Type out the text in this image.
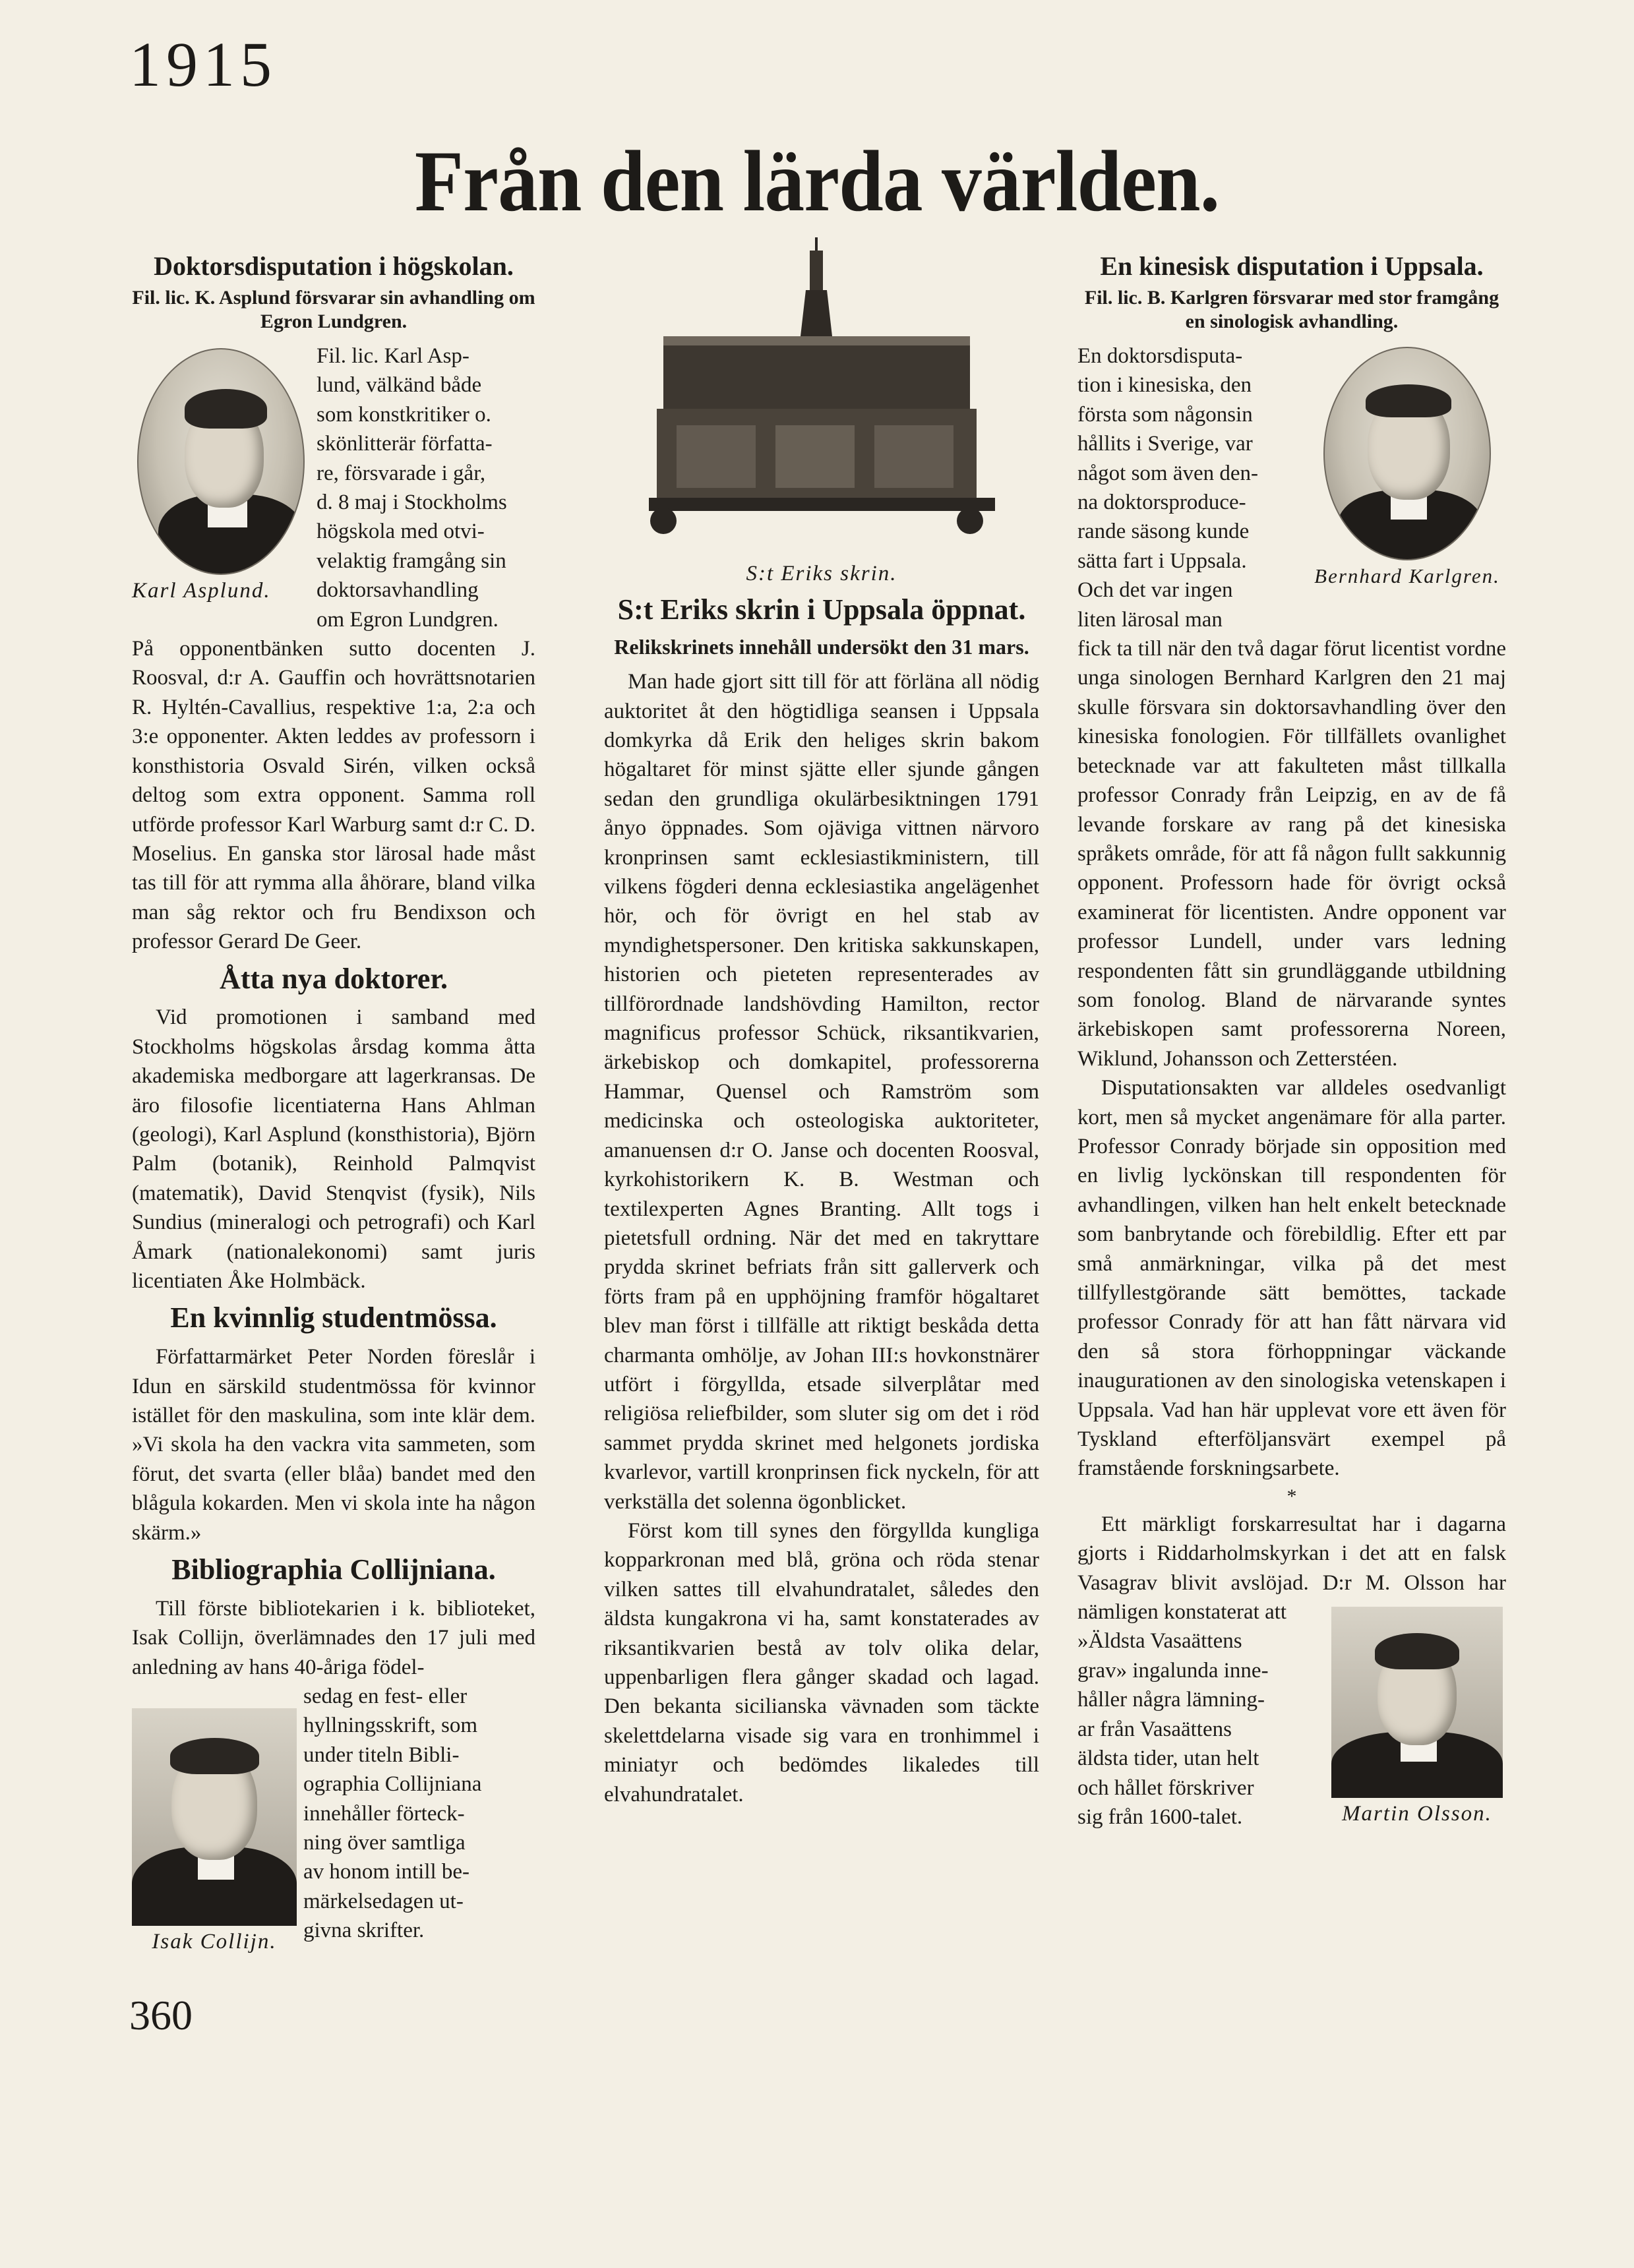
1915
Från den lärda världen.
Doktorsdisputation i högskolan.
Fil. lic. K. Asplund försvarar sin avhandling om Egron Lundgren.
Karl Asplund.

Fil. lic. Karl Asp-

lund, välkänd både

som konstkritiker o.

skönlitterär författa-

re, försvarade i går,

d. 8 maj i Stockholms

högskola med otvi-

velaktig framgång sin

doktorsavhandling

om Egron Lundgren.

På opponentbänken sutto docenten J. Roosval, d:r A. Gauffin och hovrättsnotarien R. Hyltén-Cavallius, respektive 1:a, 2:a och 3:e opponenter. Akten leddes av professorn i konsthistoria Osvald Sirén, vilken också deltog som extra opponent. Samma roll utförde professor Karl Warburg samt d:r C. D. Moselius. En ganska stor lärosal hade måst tas till för att rymma alla åhörare, bland vilka man såg rektor och fru Bendixson och professor Gerard De Geer.

Åtta nya doktorer.

Vid promotionen i samband med Stockholms högskolas årsdag komma åtta akademiska medborgare att lagerkransas. De äro filosofie licentiaterna Hans Ahlman (geologi), Karl Asplund (konsthistoria), Björn Palm (botanik), Reinhold Palmqvist (matematik), David Stenqvist (fysik), Nils Sundius (mineralogi och petrografi) och Karl Åmark (nationalekonomi) samt juris licentiaten Åke Holmbäck.

En kvinnlig studentmössa.

Författarmärket Peter Norden föreslår i Idun en särskild studentmössa för kvinnor istället för den maskulina, som inte klär dem. »Vi skola ha den vackra vita sammeten, som förut, det svarta (eller blåa) bandet med den blågula kokarden. Men vi skola inte ha någon skärm.»

Bibliographia Collijniana.

Till förste bibliotekarien i k. biblioteket, Isak Collijn, överlämnades den 17 juli med anledning av hans 40-åriga födel-

Isak Collijn.

sedag en fest- eller

hyllningsskrift, som

under titeln Bibli-

ographia Collijniana

innehåller förteck-

ning över samtliga

av honom intill be-

märkelsedagen ut-

givna skrifter.

S:t Eriks skrin.
S:t Eriks skrin i Uppsala öppnat.
Relikskrinets innehåll undersökt den 31 mars.

Man hade gjort sitt till för att förläna all nödig auktoritet åt den högtidliga seansen i Uppsala domkyrka då Erik den heliges skrin bakom högaltaret för minst sjätte eller sjunde gången sedan den grundliga okulärbesiktningen 1791 ånyo öppnades. Som ojäviga vittnen närvoro kronprinsen samt ecklesiastikministern, till vilkens fögderi denna ecklesiastika angelägenhet hör, och för övrigt en hel stab av myndighetspersoner. Den kritiska sakkunskapen, historien och pieteten representerades av tillförordnade landshövding Hamilton, rector magnificus professor Schück, riksantikvarien, ärkebiskop och domkapitel, professorerna Hammar, Quensel och Ramström som medicinska och osteologiska auktoriteter, amanuensen d:r O. Janse och docenten Roosval, kyrkohistorikern K. B. Westman och textilexperten Agnes Branting. Allt togs i pietetsfull ordning. När det med en takryttare prydda skrinet befriats från sitt gallerverk och förts fram på en upphöjning framför högaltaret blev man först i tillfälle att riktigt beskåda detta charmanta omhölje, av Johan III:s hovkonstnärer utfört i förgyllda, etsade silverplåtar med religiösa reliefbilder, som sluter sig om det i röd sammet prydda skrinet med helgonets jordiska kvarlevor, vartill kronprinsen fick nyckeln, för att verkställa det solenna ögonblicket.

Först kom till synes den förgyllda kungliga kopparkronan med blå, gröna och röda stenar vilken sattes till elvahundratalet, således den äldsta kungakrona vi ha, samt konstaterades av riksantikvarien bestå av tolv olika delar, uppenbarligen flera gånger skadad och lagad. Den bekanta sicilianska vävnaden som täckte skelettdelarna visade sig vara en tronhimmel i miniatyr och bedömdes likaledes till elvahundratalet.

En kinesisk disputation i Uppsala.
Fil. lic. B. Karlgren försvarar med stor framgång en sinologisk avhandling.

En doktorsdisputa-

tion i kinesiska, den

första som någonsin

hållits i Sverige, var

något som även den-

na doktorsproduce-

rande säsong kunde

sätta fart i Uppsala.

Och det var ingen

liten lärosal man

Bernhard Karlgren.

fick ta till när den två dagar förut licentist vordne unga sinologen Bernhard Karlgren den 21 maj skulle försvara sin doktorsavhandling över den kinesiska fonologien. För tillfällets ovanlighet betecknade var att fakulteten måst tillkalla professor Conrady från Leipzig, en av de få levande forskare av rang på det kinesiska språkets område, för att få någon fullt sakkunnig opponent. Professorn hade för övrigt också examinerat för licentisten. Andre opponent var professor Lundell, under vars ledning respondenten fått sin grundläggande utbildning som fonolog. Bland de närvarande syntes ärkebiskopen samt professorerna Noreen, Wiklund, Johansson och Zetterstéen.

Disputationsakten var alldeles osedvanligt kort, men så mycket angenämare för alla parter. Professor Conrady började sin opposition med en livlig lyckönskan till respondenten för avhandlingen, vilken han helt enkelt betecknade som banbrytande och förebildlig. Efter ett par små anmärkningar, vilka på det mest tillfyllestgörande sätt bemöttes, tackade professor Conrady för att han fått närvara vid den så stora förhoppningar väckande inaugurationen av den sinologiska vetenskapen i Uppsala. Vad han här upplevat vore ett även för Tyskland efterföljansvärt exempel på framstående forskningsarbete.

*

Ett märkligt forskarresultat har i dagarna gjorts i Riddarholmskyrkan i det att en falsk Vasagrav blivit avslöjad. D:r M. Olsson har nämligen konstaterat att

»Äldsta Vasaättens

grav» ingalunda inne-

håller några lämning-

ar från Vasaättens

äldsta tider, utan helt

och hållet förskriver

sig från 1600-talet.	Martin Olsson.
360
